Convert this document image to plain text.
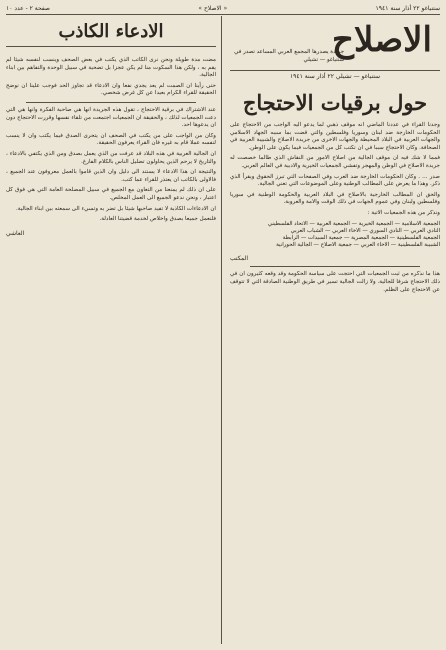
صفحة ٢ - عدد ١٠	« الاصلاح »	ستنياغو ٢٢ أذار سنة ١٩٤١
الاصلاح
جريدة يصدرها المجمع العربي المساعد تصدر في سنتياغو — تشيلي
ستنياغو — تشيلي ٢٢ أذار سنة ١٩٤١
حول برقيات الاحتجاج

وجدنا القراء في عددنا الماضي انه موقف ذهبي لما يدعو اليه الواجب من الاحتجاج على الحكومات الخارجة ضد لبنان وسوريا وفلسطين والتي قضت بما سببه الجهاد الاسلامي والجهات العربية في البلاد المحيطة والجهات الاخرى من جريدة الاصلاح والشبيبة العربية في الصحافة. وكان الاحتجاج سببا في ان تكتب كل من الجمعيات فيما يكون على الوطن.

فمما لا شك فيه ان موقف الجالية من اصلاح الامور من النقاش الذي طالما خصصت له جريدة الاصلاح في الوطن والمهجر وتفشي الجمعيات الخيرية والادبية في العالم العربي.

صدر ... . وكان الحكومات الخارجة ضد العرب وفي الصفحات التي تبرز الحقوق ويقرأ الذي ذكر. وهذا ما يعرض على المطالب الوطنية وعلى الموضوعات التي تعني الجالية.

والحق ان المطالب الخارجية بالاصلاح في البلاد العربية والحكومة الوطنية في سوريا وفلسطين ولبنان وفي عموم الجهات في ذلك الوقت والامة والعروبة.

ونذكر من هذه الجمعيات الاتية :

الجمعية الاسلامية — الجمعية الخيرية — الجمعية العربية — الاتحاد الفلسطيني

النادي العربي — النادي السوري — الاخاء العربي — الشباب العربي

الجمعية الفلسطينية — الجمعية المصرية — جمعية السيدات — الرابطة

الشبيبة الفلسطينية — الاخاء العربي — جمعية الاصلاح — الجالية الحورانية

المكتب

هذا ما نذكره من ثبت الجمعيات التي احتجت على سياسة الحكومة وقد وقعه كثيرون ان في ذلك الاحتجاج شرفا للجالية. ولا زالت الجالية تسير في طريق الوطنية الصادقة التي لا تتوقف عن الاحتجاج على الظلم.

الادعاء الكاذب

مضت مدة طويلة ونحن نرى الكاتب الذي يكتب في بعض الصحف وينسب لنفسه شيئا لم يقم به ، ولكن هذا السكوت منا لم يكن عجزا بل تضحية في سبيل الوحدة والتفاهم بين ابناء الجالية.

حتى رأينا ان الصمت لم يعد يجدي نفعا وان الادعاء قد تجاوز الحد فوجب علينا ان نوضح الحقيقة للقراء الكرام بعيدا عن كل غرض شخصي.

عند الاشتراك في برقية الاحتجاج ، تقول هذه الجريدة انها هي صاحبة الفكرة وانها هي التي دعت الجمعيات لذلك ، والحقيقة ان الجمعيات اجتمعت من تلقاء نفسها وقررت الاحتجاج دون ان يدعوها احد.

وكان من الواجب على من يكتب في الصحف ان يتحرى الصدق فيما يكتب وان لا ينسب لنفسه عملا قام به غيره فان القراء يعرفون الحقيقة.

ان الجالية العربية في هذه البلاد قد عرفت من الذي يعمل بصدق ومن الذي يكتفي بالادعاء ، والتاريخ لا يرحم الذين يحاولون تضليل الناس بالكلام الفارغ.

والنتيجة ان هذا الادعاء لا يستند الى دليل وان الذين قاموا بالعمل معروفون عند الجميع ، فالاولى بالكاتب ان يعتذر للقراء عما كتب.

على ان ذلك لم يمنعنا من التعاون مع الجميع في سبيل المصلحة العامة التي هي فوق كل اعتبار ، ونحن ندعو الجميع الى العمل المخلص.

ان الادعاءات الكاذبة لا تفيد صاحبها شيئا بل تضر به وتسيء الى سمعته بين ابناء الجالية.

فلنعمل جميعا بصدق واخلاص لخدمة قضيتنا العادلة.

العاشي
